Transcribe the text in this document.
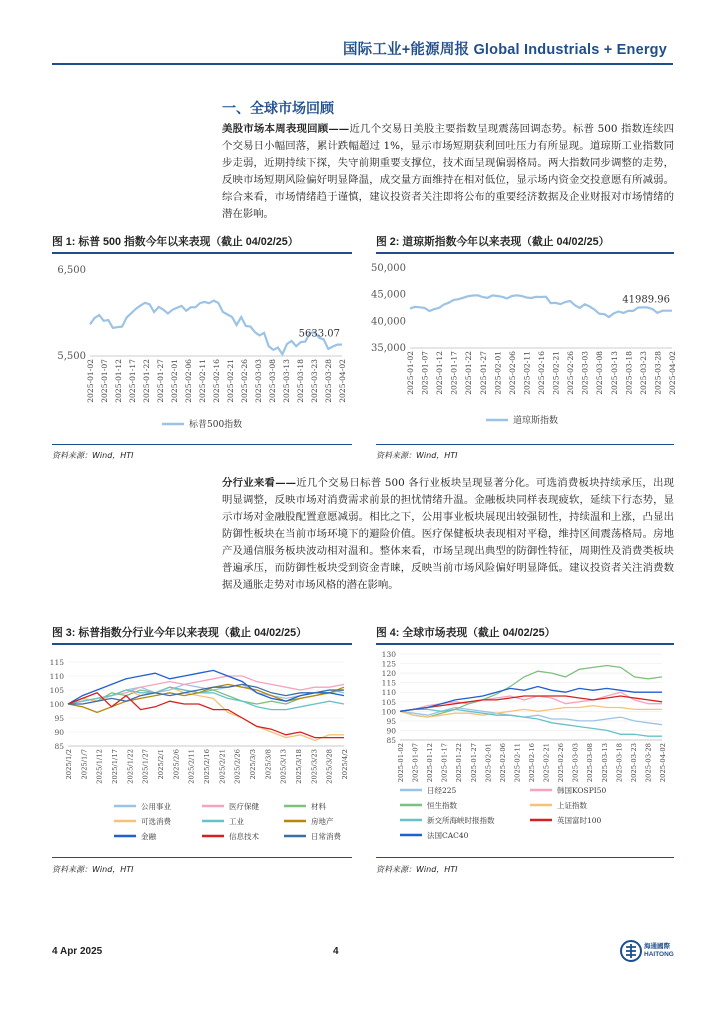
国际工业+能源周报 Global Industrials + Energy
一、全球市场回顾
美股市场本周表现回顾——近几个交易日美股主要指数呈现震荡回调态势。标普 500 指数连续四个交易日小幅回落，累计跌幅超过 1%，显示市场短期获利回吐压力有所显现。道琼斯工业指数同步走弱，近期持续下探，失守前期重要支撑位，技术面呈现偏弱格局。两大指数同步调整的走势，反映市场短期风险偏好明显降温，成交量方面维持在相对低位，显示场内资金交投意愿有所减弱。综合来看，市场情绪趋于谨慎，建议投资者关注即将公布的重要经济数据及企业财报对市场情绪的潜在影响。
图 1: 标普 500 指数今年以来表现（截止 04/02/25）
6,500
5,500
2025-01-02 2025-01-07 2025-01-12 2025-01-17 2025-01-22 2025-01-27 2025-02-01 2025-02-06 2025-02-11 2025-02-16 2025-02-21 2025-02-26 2025-03-03 2025-03-08 2025-03-13 2025-03-18 2025-03-23 2025-03-28 2025-04-02
5633.07
标普500指数
资料来源：Wind，HTI
图 2: 道琼斯指数今年以来表现（截止 04/02/25）
50,000
45,000
40,000
35,000
2025-01-02 2025-01-07 2025-01-12 2025-01-17 2025-01-22 2025-01-27 2025-02-01 2025-02-06 2025-02-11 2025-02-16 2025-02-21 2025-02-26 2025-03-03 2025-03-08 2025-03-13 2025-03-18 2025-03-23 2025-03-28 2025-04-02
41989.96
道琼斯指数
资料来源：Wind，HTI
分行业来看——近几个交易日标普 500 各行业板块呈现显著分化。可选消费板块持续承压，出现明显调整，反映市场对消费需求前景的担忧情绪升温。金融板块同样表现疲软，延续下行态势，显示市场对金融股配置意愿减弱。相比之下，公用事业板块展现出较强韧性，持续温和上涨，凸显出防御性板块在当前市场环境下的避险价值。医疗保健板块表现相对平稳，维持区间震荡格局。房地产及通信服务板块波动相对温和。整体来看，市场呈现出典型的防御性特征，周期性及消费类板块普遍承压，而防御性板块受到资金青睐，反映当前市场风险偏好明显降低。建议投资者关注消费数据及通胀走势对市场风格的潜在影响。
图 3: 标普指数分行业今年以来表现（截止 04/02/25）
115
110
105
100
95
90
85
2025/1/2 2025/1/7 2025/1/12 2025/1/17 2025/1/22 2025/1/27 2025/2/1 2025/2/6 2025/2/11 2025/2/16 2025/2/21 2025/2/26 2025/3/3 2025/3/8 2025/3/13 2025/3/18 2025/3/23 2025/3/28 2025/4/2
公用事业	医疗保健	材料
可选消费	工业	房地产
金融	信息技术	日常消费
资料来源：Wind，HTI
图 4: 全球市场表现（截止 04/02/25）
130
125
120
115
110
105
100
95
90
85
2025-01-02 2025-01-07 2025-01-12 2025-01-17 2025-01-22 2025-01-27 2025-02-01 2025-02-06 2025-02-11 2025-02-16 2025-02-21 2025-02-26 2025-03-03 2025-03-08 2025-03-13 2025-03-18 2025-03-23 2025-03-28 2025-04-02
日经225	韩国KOSPI50
恒生指数	上证指数
新交所海峡时报指数	英国富时100
法国CAC40
资料来源：Wind，HTI
4 Apr 2025	4	海通國際
HAITONG
